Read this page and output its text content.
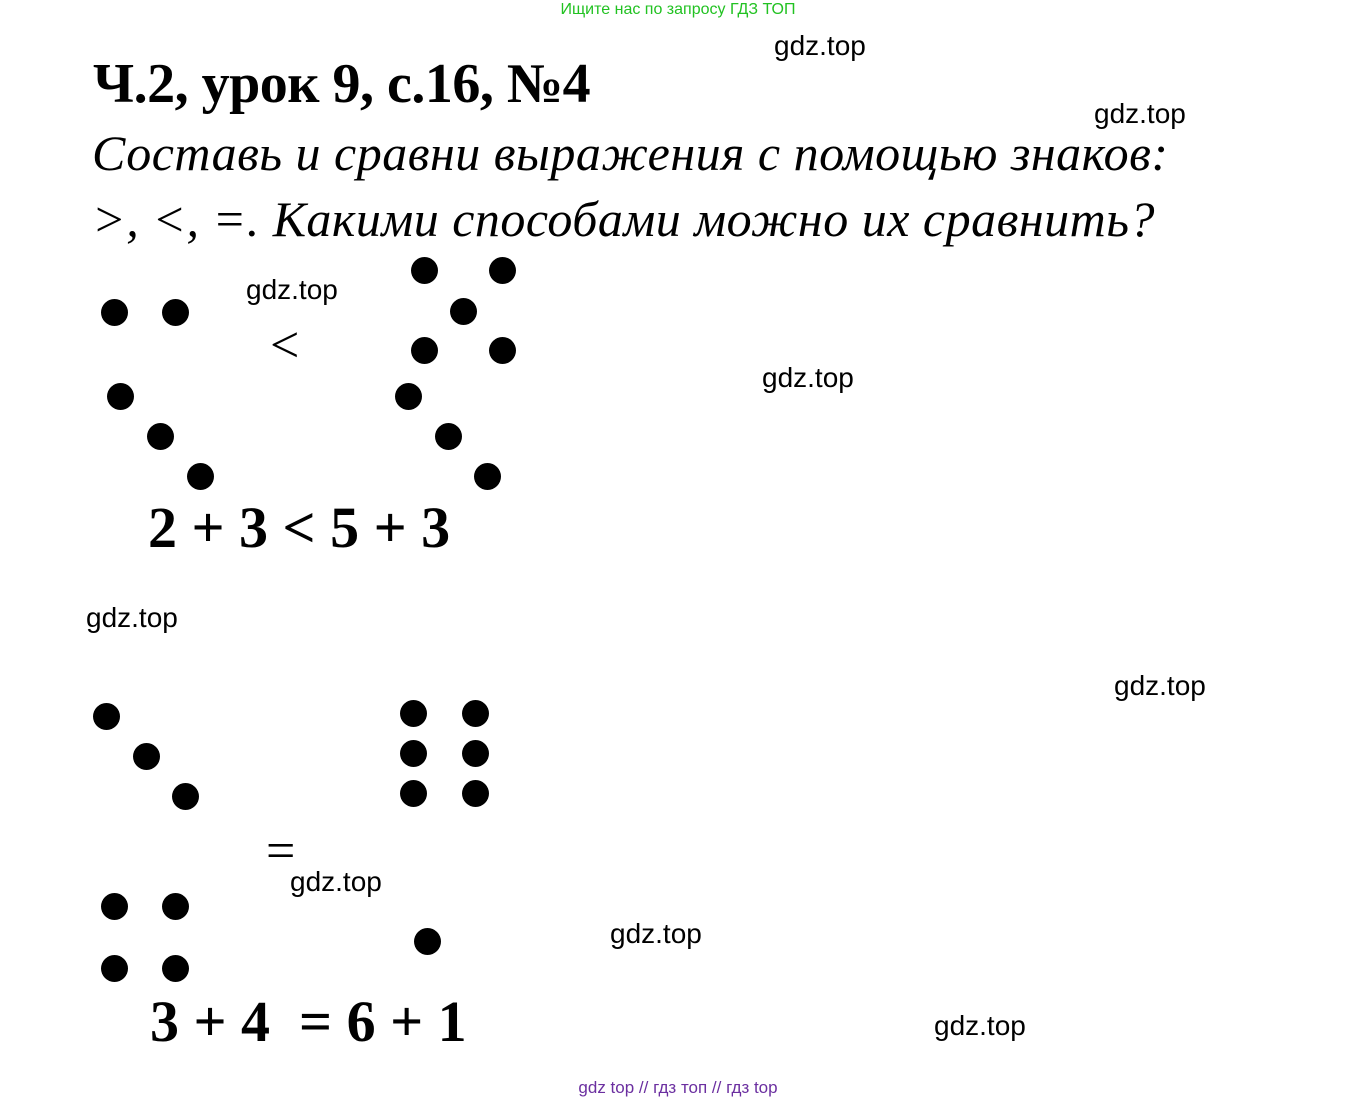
Ищите нас по запросу ГДЗ ТОП
Ч.2, урок 9, с.16, №4
Составь и сравни выражения с помощью знаков:
>, <, =. Какими способами можно их сравнить?
gdz.top
gdz.top
gdz.top
gdz.top
gdz.top
gdz.top
gdz.top
gdz.top
gdz.top
<
2 + 3 < 5 + 3
=
3 + 4  = 6 + 1
gdz top // гдз топ // гдз top
